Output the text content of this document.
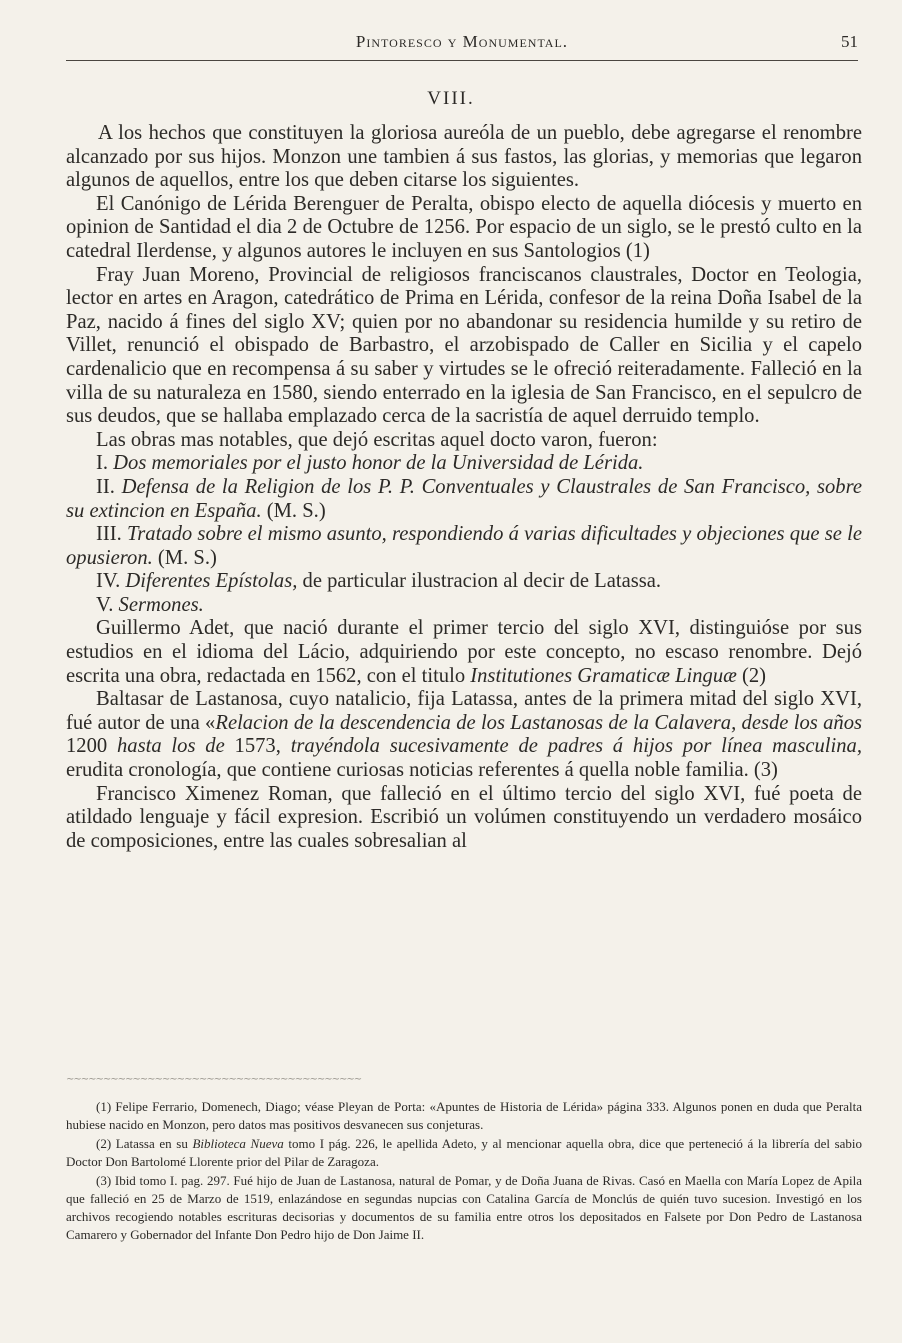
Pintoresco y Monumental.	51
VIII.

A los hechos que constituyen la gloriosa aureóla de un pueblo, debe agregarse el renombre alcanzado por sus hijos. Monzon une tambien á sus fastos, las glorias, y memorias que legaron algunos de aquellos, entre los que deben citarse los siguientes.

El Canónigo de Lérida Berenguer de Peralta, obispo electo de aquella diócesis y muerto en opinion de Santidad el dia 2 de Octubre de 1256. Por espacio de un siglo, se le prestó culto en la catedral Ilerdense, y algunos autores le incluyen en sus Santologios (1)

Fray Juan Moreno, Provincial de religiosos franciscanos claustrales, Doctor en Teologia, lector en artes en Aragon, catedrático de Prima en Lérida, confesor de la reina Doña Isabel de la Paz, nacido á fines del siglo XV; quien por no abandonar su residencia humilde y su retiro de Villet, renunció el obispado de Barbastro, el arzobispado de Caller en Sicilia y el capelo cardenalicio que en recompensa á su saber y virtudes se le ofreció reiteradamente. Falleció en la villa de su naturaleza en 1580, siendo enterrado en la iglesia de San Francisco, en el sepulcro de sus deudos, que se hallaba emplazado cerca de la sacristía de aquel derruido templo.

Las obras mas notables, que dejó escritas aquel docto varon, fueron:

I. Dos memoriales por el justo honor de la Universidad de Lérida.

II. Defensa de la Religion de los P. P. Conventuales y Claustrales de San Francisco, sobre su extincion en España. (M. S.)

III. Tratado sobre el mismo asunto, respondiendo á varias dificultades y objeciones que se le opusieron. (M. S.)

IV. Diferentes Epístolas, de particular ilustracion al decir de Latassa.

V. Sermones.

Guillermo Adet, que nació durante el primer tercio del siglo XVI, distinguióse por sus estudios en el idioma del Lácio, adquiriendo por este concepto, no escaso renombre. Dejó escrita una obra, redactada en 1562, con el titulo Institutiones Gramaticæ Linguæ (2)

Baltasar de Lastanosa, cuyo natalicio, fija Latassa, antes de la primera mitad del siglo XVI, fué autor de una «Relacion de la descendencia de los Lastanosas de la Calavera, desde los años 1200 hasta los de 1573, trayéndola sucesivamente de padres á hijos por línea masculina, erudita cronología, que contiene curiosas noticias referentes á quella noble familia. (3)

Francisco Ximenez Roman, que falleció en el último tercio del siglo XVI, fué poeta de atildado lenguaje y fácil expresion. Escribió un volúmen constituyendo un verdadero mosáico de composiciones, entre las cuales sobresalian al

∼∼∼∼∼∼∼∼∼∼∼∼∼∼∼∼∼∼∼∼∼∼∼∼∼∼∼∼∼∼∼∼∼∼∼∼∼∼∼∼

(1) Felipe Ferrario, Domenech, Diago; véase Pleyan de Porta: «Apuntes de Historia de Lérida» página 333. Algunos ponen en duda que Peralta hubiese nacido en Monzon, pero datos mas positivos desvanecen sus conjeturas.

(2) Latassa en su Biblioteca Nueva tomo I pág. 226, le apellida Adeto, y al mencionar aquella obra, dice que perteneció á la librería del sabio Doctor Don Bartolomé Llorente prior del Pilar de Zaragoza.

(3) Ibid tomo I. pag. 297. Fué hijo de Juan de Lastanosa, natural de Pomar, y de Doña Juana de Rivas. Casó en Maella con María Lopez de Apila que falleció en 25 de Marzo de 1519, enlazándose en segundas nupcias con Catalina García de Monclús de quién tuvo sucesion. Investigó en los archivos recogiendo notables escrituras decisorias y documentos de su familia entre otros los depositados en Falsete por Don Pedro de Lastanosa Camarero y Gobernador del Infante Don Pedro hijo de Don Jaime II.
